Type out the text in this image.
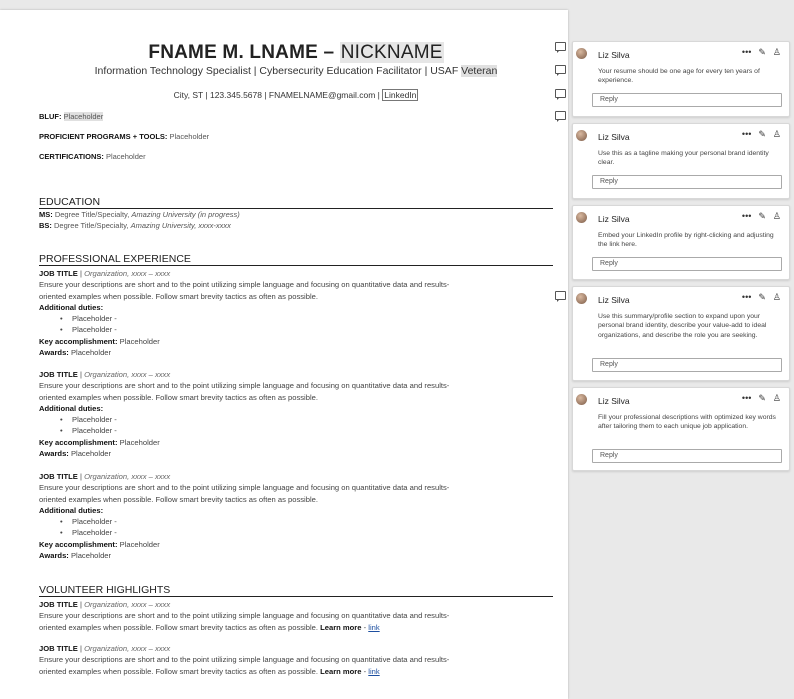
FNAME M. LNAME – NICKNAME
Information Technology Specialist | Cybersecurity Education Facilitator | USAF Veteran
City, ST | 123.345.5678 | FNAMELNAME@gmail.com | LinkedIn
BLUF: Placeholder
PROFICIENT PROGRAMS + TOOLS: Placeholder
CERTIFICATIONS: Placeholder
EDUCATION
MS: Degree Title/Specialty, Amazing University (in progress)
BS: Degree Title/Specialty, Amazing University, xxxx-xxxx
PROFESSIONAL EXPERIENCE
JOB TITLE | Organization, xxxx – xxxx
Ensure your descriptions are short and to the point utilizing simple language and focusing on quantitative data and results-
oriented examples when possible. Follow smart brevity tactics as often as possible.
Additional duties:
• Placeholder -
• Placeholder -
Key accomplishment: Placeholder
Awards: Placeholder
JOB TITLE | Organization, xxxx – xxxx
Ensure your descriptions are short and to the point utilizing simple language and focusing on quantitative data and results-
oriented examples when possible. Follow smart brevity tactics as often as possible.
Additional duties:
• Placeholder -
• Placeholder -
Key accomplishment: Placeholder
Awards: Placeholder
JOB TITLE | Organization, xxxx – xxxx
Ensure your descriptions are short and to the point utilizing simple language and focusing on quantitative data and results-
oriented examples when possible. Follow smart brevity tactics as often as possible.
Additional duties:
• Placeholder -
• Placeholder -
Key accomplishment: Placeholder
Awards: Placeholder
VOLUNTEER HIGHLIGHTS
JOB TITLE | Organization, xxxx – xxxx
Ensure your descriptions are short and to the point utilizing simple language and focusing on quantitative data and results-
oriented examples when possible. Follow smart brevity tactics as often as possible. Learn more - link
JOB TITLE | Organization, xxxx – xxxx
Ensure your descriptions are short and to the point utilizing simple language and focusing on quantitative data and results-
oriented examples when possible. Follow smart brevity tactics as often as possible. Learn more - link
Liz Silva	••• ✎ ♙
Your resume should be one age for every ten years of experience.
Reply
Liz Silva	••• ✎ ♙
Use this as a tagline making your personal brand identity clear.
Reply
Liz Silva	••• ✎ ♙
Embed your LinkedIn profile by right-clicking and adjusting the link here.
Reply
Liz Silva	••• ✎ ♙
Use this summary/profile section to expand upon your personal brand identity, describe your value-add to ideal organizations, and describe the role you are seeking.
Reply
Liz Silva	••• ✎ ♙
Fill your professional descriptions with optimized key words after tailoring them to each unique job application.
Reply
